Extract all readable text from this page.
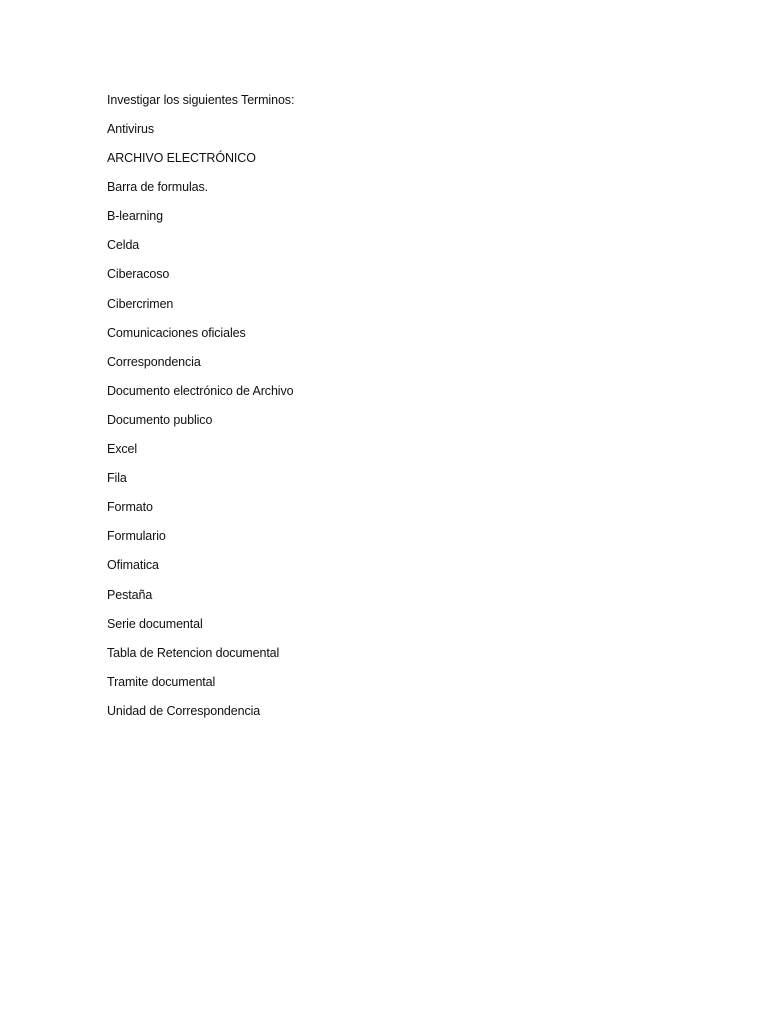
Investigar los siguientes Terminos:

Antivirus
ARCHIVO ELECTRÓNICO
Barra de formulas.
B-learning
Celda
Ciberacoso
Cibercrimen
Comunicaciones oficiales
Correspondencia
Documento electrónico de Archivo
Documento publico
Excel
Fila
Formato
Formulario
Ofimatica
Pestaña
Serie documental
Tabla de Retencion documental
Tramite documental
Unidad de Correspondencia
